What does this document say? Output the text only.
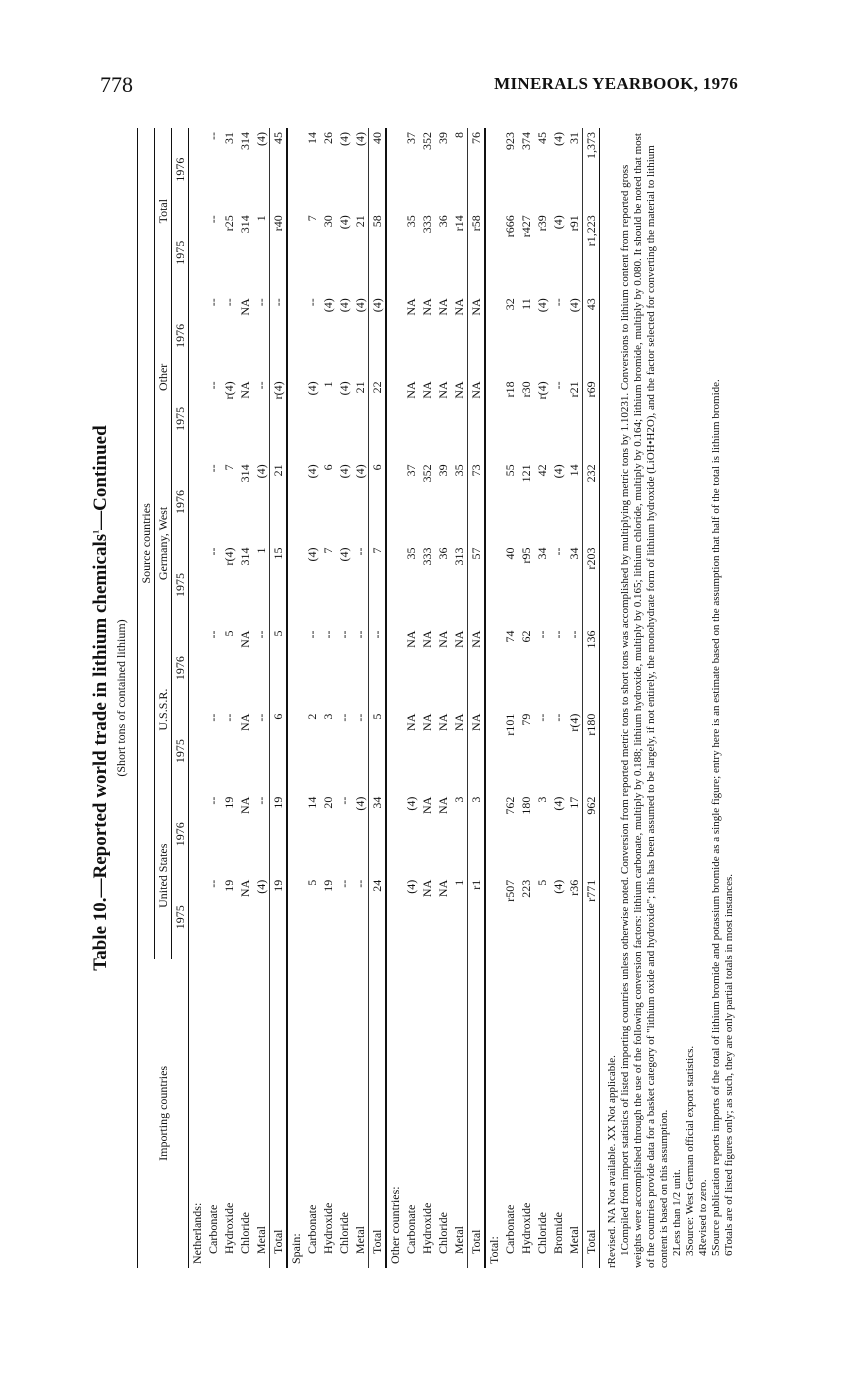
778	MINERALS YEARBOOK, 1976

Table 10.—Reported world trade in lithium chemicals$^1$—Continued

(Short tons of contained lithium)

Importing countries	Source countries									
	United States		U.S.S.R.		Germany, West		Other		Total	
	1975	1976	1975	1976	1975	1976	1975	1976	1975	1976
Netherlands:										
Carbonate	--	--	--	--	--	--	--	--	--	--
Hydroxide	19	19	--	5	r(4)	7	r(4)	--	r25	31
Chloride	NA	NA	NA	NA	314	314	NA	NA	314	314
Metal	(4)	--	--	--	1	(4)	--	--	1	(4)
Total	19	19	6	5	15	21	r(4)	--	r40	45
Spain:										
Carbonate	5	14	2	--	(4)	(4)	(4)	--	7	14
Hydroxide	19	20	3	--	7	6	1	(4)	30	26
Chloride	--	--	--	--	(4)	(4)	(4)	(4)	(4)	(4)
Metal	--	(4)	--	--	--	(4)	21	(4)	21	(4)
Total	24	34	5	--	7	6	22	(4)	58	40
Other countries:										
Carbonate	(4)	(4)	NA	NA	35	37	NA	NA	35	37
Hydroxide	NA	NA	NA	NA	333	352	NA	NA	333	352
Chloride	NA	NA	NA	NA	36	39	NA	NA	36	39
Metal	1	3	NA	NA	313	35	NA	NA	r14	8
Total	r1	3	NA	NA	57	73	NA	NA	r58	76
Total:										
Carbonate	r507	762	r101	74	40	55	r18	32	r666	923
Hydroxide	223	180	79	62	r95	121	r30	11	r427	374
Chloride	5	3	--	--	34	42	r(4)	(4)	r39	45
Bromide	(4)	(4)	--	--	--	(4)	--	--	(4)	(4)
Metal	r36	17	r(4)	--	34	14	r21	(4)	r91	31
Total	r771	962	r180	136	r203	232	r69	43	r1,223	1,373

rRevised. NA Not available. XX Not applicable. 1Compiled from import statistics of listed importing countries unless otherwise noted. Conversion from reported metric tons to short tons was accomplished by multiplying metric tons by 1.10231. Conversions to lithium content from reported gross weights were accomplished through the use of the following conversion factors: lithium carbonate, multiply by 0.188; lithium hydroxide, multiply by 0.165; lithium chloride, multiply by 0.164; lithium bromide, multiply by 0.080. It should be noted that most of the countries provide data for a basket category of "lithium oxide and hydroxide"; this has been assumed to be largely, if not entirely, the monohydrate form of lithium hydroxide (LiOH•H2O), and the factor selected for converting the material to lithium content is based on this assumption. 2Less than 1/2 unit. 3Source: West German official export statistics. 4Revised to zero. 5Source publication reports imports of the total of lithium bromide and potassium bromide as a single figure; entry here is an estimate based on the assumption that half of the total is lithium bromide. 6Totals are of listed figures only; as such, they are only partial totals in most instances.
